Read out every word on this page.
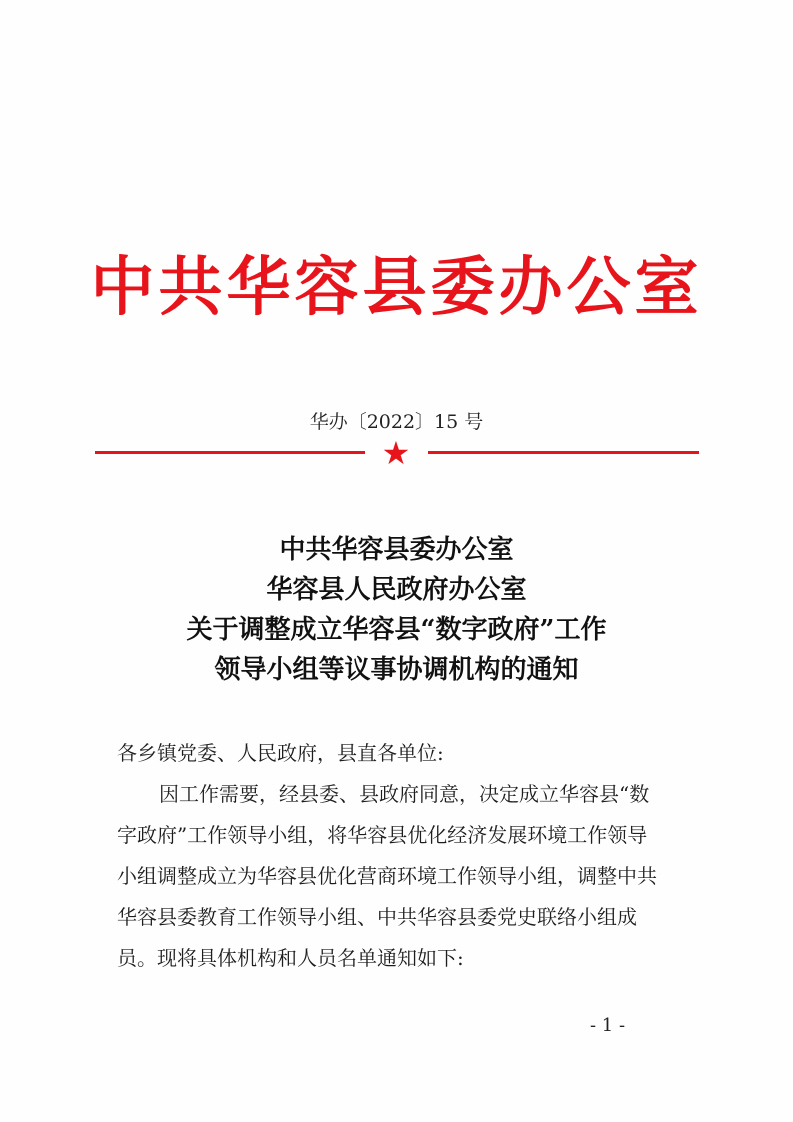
中共华容县委办公室
华办〔2022〕15 号
★
中共华容县委办公室
华容县人民政府办公室
关于调整成立华容县“数字政府”工作
领导小组等议事协调机构的通知
各乡镇党委、人民政府，县直各单位:
因工作需要，经县委、县政府同意，决定成立华容县“数
字政府”工作领导小组，将华容县优化经济发展环境工作领导
小组调整成立为华容县优化营商环境工作领导小组，调整中共
华容县委教育工作领导小组、中共华容县委党史联络小组成
员。现将具体机构和人员名单通知如下:
- 1 -
